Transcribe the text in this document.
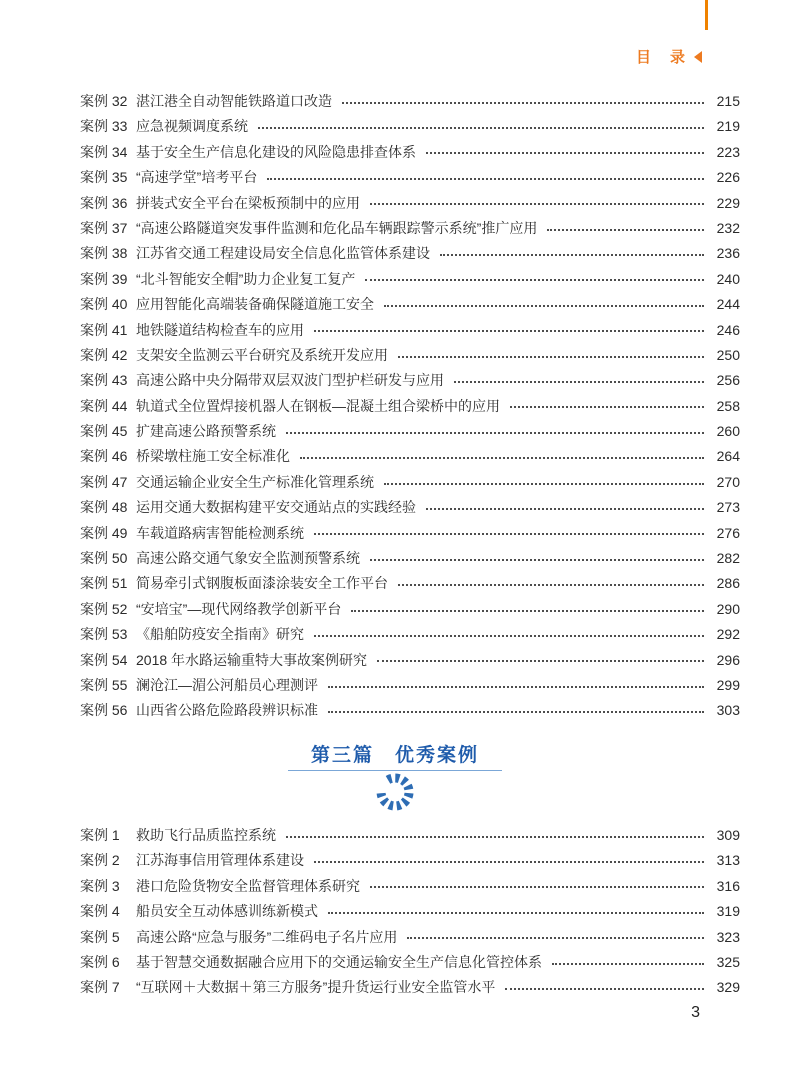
目　录
案例 32 湛江港全自动智能铁路道口改造	215
案例 33 应急视频调度系统	219
案例 34 基于安全生产信息化建设的风险隐患排查体系	223
案例 35 “高速学堂”培考平台	226
案例 36 拼装式安全平台在梁板预制中的应用	229
案例 37 “高速公路隧道突发事件监测和危化品车辆跟踪警示系统”推广应用	232
案例 38 江苏省交通工程建设局安全信息化监管体系建设	236
案例 39 “北斗智能安全帽”助力企业复工复产	240
案例 40 应用智能化高端装备确保隧道施工安全	244
案例 41 地铁隧道结构检查车的应用	246
案例 42 支架安全监测云平台研究及系统开发应用	250
案例 43 高速公路中央分隔带双层双波门型护栏研发与应用	256
案例 44 轨道式全位置焊接机器人在钢板—混凝土组合梁桥中的应用	258
案例 45 扩建高速公路预警系统	260
案例 46 桥梁墩柱施工安全标准化	264
案例 47 交通运输企业安全生产标准化管理系统	270
案例 48 运用交通大数据构建平安交通站点的实践经验	273
案例 49 车载道路病害智能检测系统	276
案例 50 高速公路交通气象安全监测预警系统	282
案例 51 简易牵引式钢腹板面漆涂装安全工作平台	286
案例 52 “安培宝”—现代网络教学创新平台	290
案例 53 《船舶防疫安全指南》研究	292
案例 54 2018 年水路运输重特大事故案例研究	296
案例 55 澜沧江—湄公河船员心理测评	299
案例 56 山西省公路危险路段辨识标准	303
第三篇　优秀案例
案例 1	救助飞行品质监控系统	309
案例 2	江苏海事信用管理体系建设	313
案例 3	港口危险货物安全监督管理体系研究	316
案例 4	船员安全互动体感训练新模式	319
案例 5	高速公路“应急与服务”二维码电子名片应用	323
案例 6	基于智慧交通数据融合应用下的交通运输安全生产信息化管控体系	325
案例 7	“互联网＋大数据＋第三方服务”提升货运行业安全监管水平	329
3
